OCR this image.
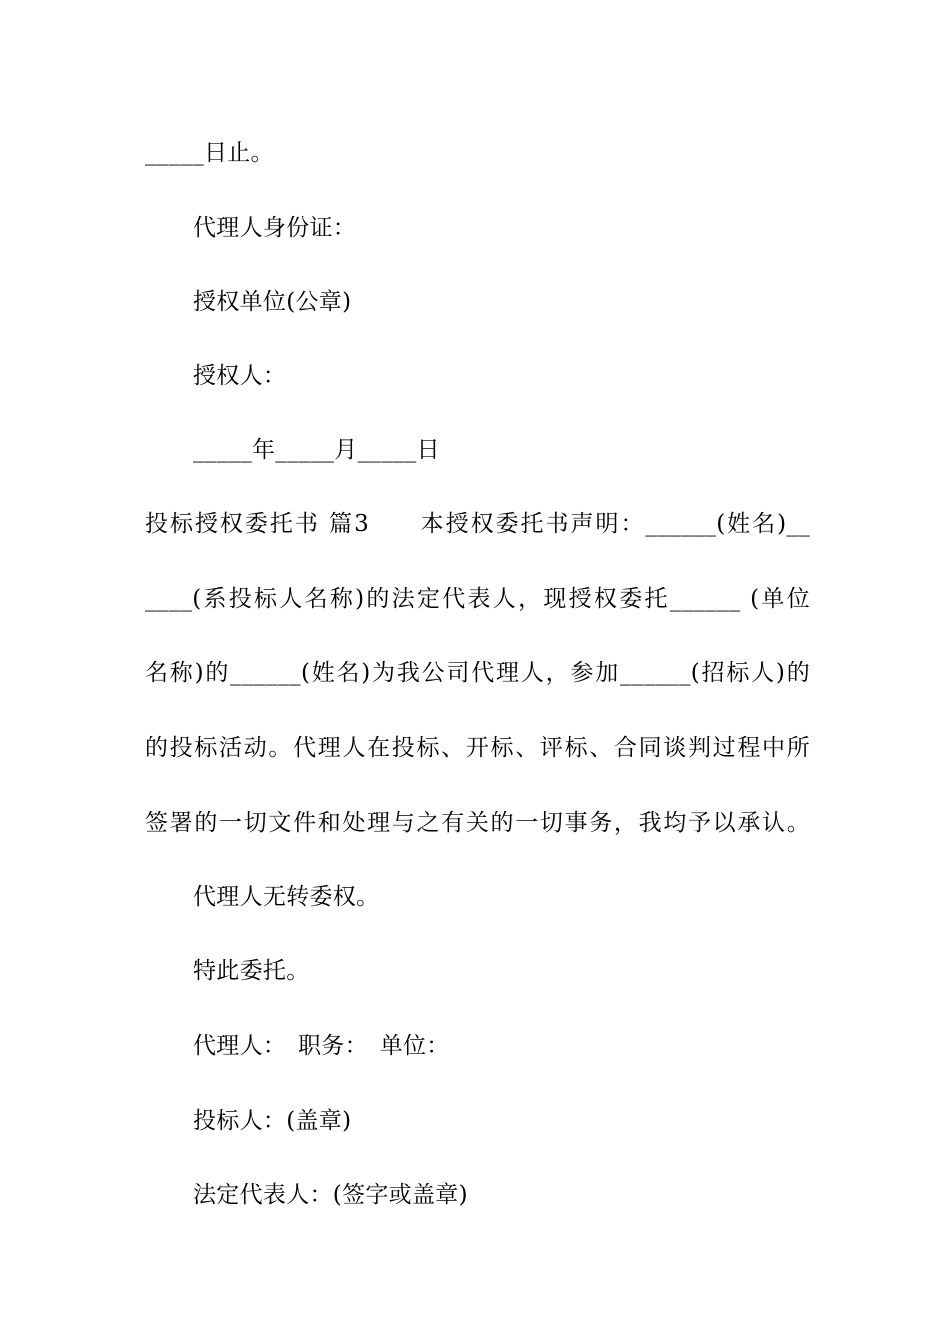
_____日止。
代理人身份证：
授权单位(公章)
授权人：
_____年_____月_____日
投标授权委托书 篇3　　本授权委托书声明：______(姓名)__
____(系投标人名称)的法定代表人，现授权委托______ (单位
名称)的______(姓名)为我公司代理人，参加______(招标人)的
的投标活动。代理人在投标、开标、评标、合同谈判过程中所
签署的一切文件和处理与之有关的一切事务，我均予以承认。
代理人无转委权。
特此委托。
代理人：　职务：　单位：
投标人：(盖章)
法定代表人：(签字或盖章)
